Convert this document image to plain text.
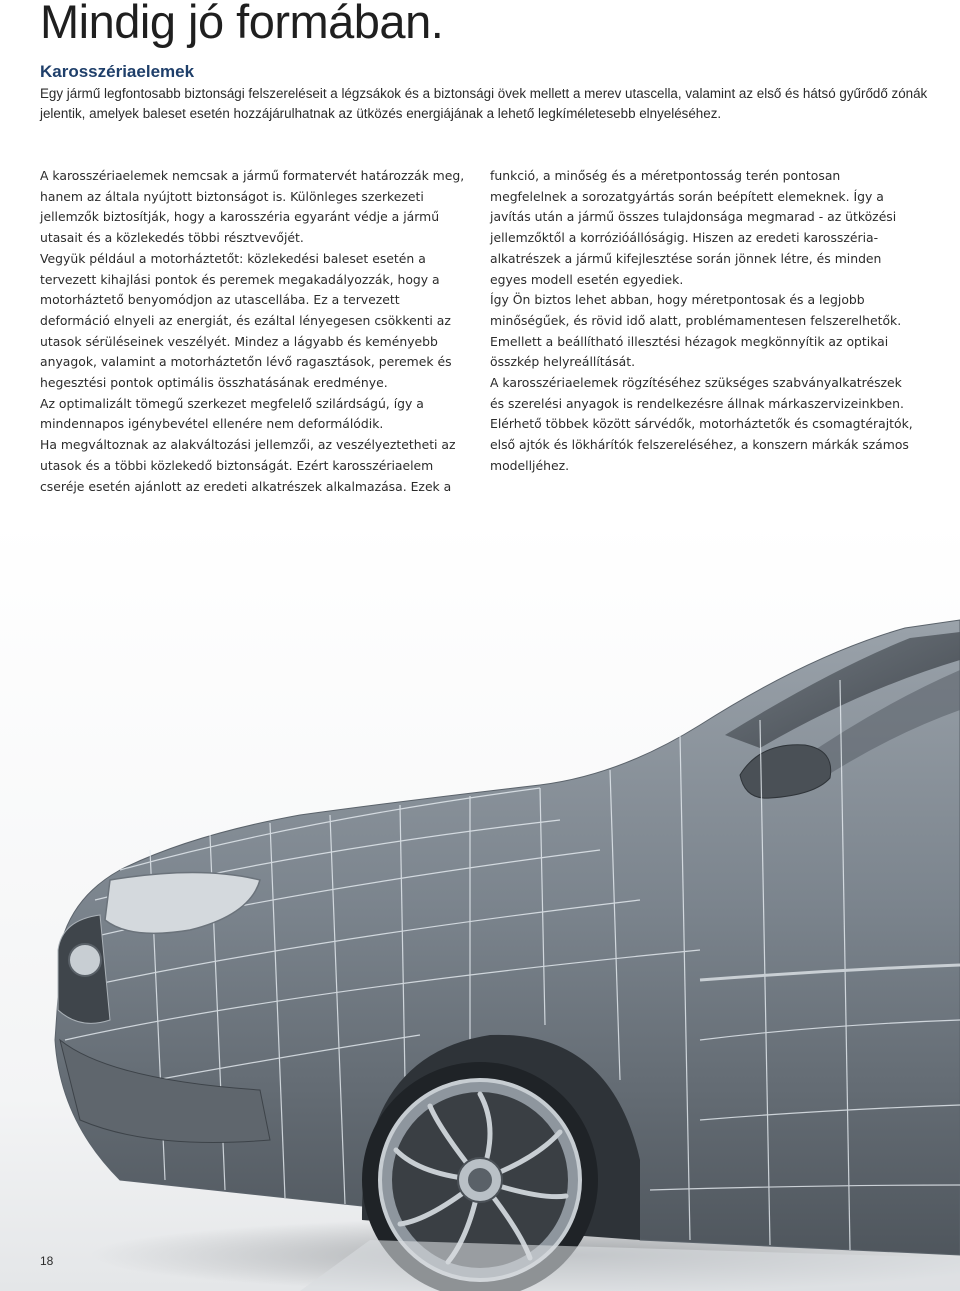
Mindig jó formában.
Karosszériaelemek

Egy jármű legfontosabb biztonsági felszereléseit a légzsákok és a biztonsági övek mellett a merev utascella, valamint az első és hátsó gyűrődő zónák jelentik, amelyek baleset esetén hozzájárulhatnak az ütközés energiájának a lehető legkíméletesebb elnyeléséhez.

A karosszériaelemek nemcsak a jármű formatervét határozzák meg, hanem az általa nyújtott biztonságot is. Különleges szerkezeti jellemzők biztosítják, hogy a karosszéria egyaránt védje a jármű utasait és a közlekedés többi résztvevőjét.

Vegyük például a motorháztetőt: közlekedési baleset esetén a tervezett kihajlási pontok és peremek megakadályozzák, hogy a motorháztető benyomódjon az utascellába. Ez a tervezett deformáció elnyeli az energiát, és ezáltal lényegesen csökkenti az utasok sérüléseinek veszélyét. Mindez a lágyabb és keményebb anyagok, valamint a motorháztetőn lévő ragasztások, peremek és hegesztési pontok optimális összhatásának eredménye.

Az optimalizált tömegű szerkezet megfelelő szilárdságú, így a mindennapos igénybevétel ellenére nem deformálódik.

Ha megváltoznak az alakváltozási jellemzői, az veszélyeztetheti az utasok és a többi közlekedő biztonságát. Ezért karosszériaelem cseréje esetén ajánlott az eredeti alkatrészek alkalmazása. Ezek a

funkció, a minőség és a méretpontosság terén pontosan megfelelnek a sorozatgyártás során beépített elemeknek. Így a javítás után a jármű összes tulajdonsága megmarad - az ütközési jellemzőktől a korrózióállóságig. Hiszen az eredeti karosszéria-alkatrészek a jármű kifejlesztése során jönnek létre, és minden egyes modell esetén egyediek.

Így Ön biztos lehet abban, hogy méretpontosak és a legjobb minőségűek, és rövid idő alatt, problémamentesen felszerelhetők. Emellett a beállítható illesztési hézagok megkönnyítik az optikai összkép helyreállítását.

A karosszériaelemek rögzítéséhez szükséges szabványalkatrészek és szerelési anyagok is rendelkezésre állnak márkaszervizeinkben. Elérhető többek között sárvédők, motorháztetők és csomagtérajtók, első ajtók és lökhárítók felszereléséhez, a konszern márkák számos modelljéhez.

18
